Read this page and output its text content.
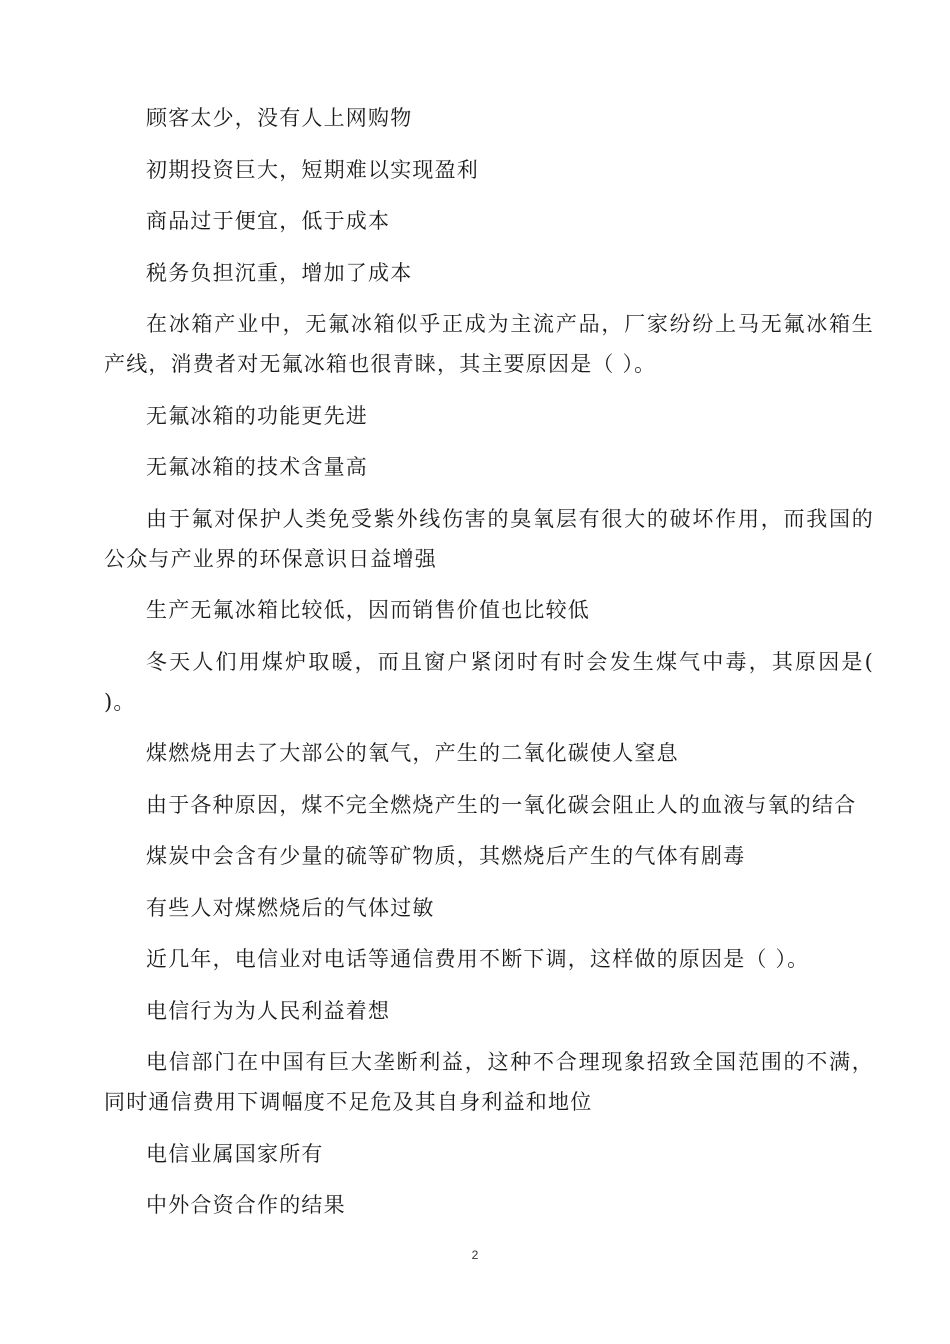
顾客太少，没有人上网购物

初期投资巨大，短期难以实现盈利

商品过于便宜，低于成本

税务负担沉重，增加了成本

在冰箱产业中，无氟冰箱似乎正成为主流产品，厂家纷纷上马无氟冰箱生产线，消费者对无氟冰箱也很青睐，其主要原因是（ ）。

无氟冰箱的功能更先进

无氟冰箱的技术含量高

由于氟对保护人类免受紫外线伤害的臭氧层有很大的破坏作用，而我国的公众与产业界的环保意识日益增强

生产无氟冰箱比较低，因而销售价值也比较低

冬天人们用煤炉取暖，而且窗户紧闭时有时会发生煤气中毒，其原因是( )。

煤燃烧用去了大部公的氧气，产生的二氧化碳使人窒息

由于各种原因，煤不完全燃烧产生的一氧化碳会阻止人的血液与氧的结合

煤炭中会含有少量的硫等矿物质，其燃烧后产生的气体有剧毒

有些人对煤燃烧后的气体过敏

近几年，电信业对电话等通信费用不断下调，这样做的原因是（ ）。

电信行为为人民利益着想

电信部门在中国有巨大垄断利益，这种不合理现象招致全国范围的不满，同时通信费用下调幅度不足危及其自身利益和地位

电信业属国家所有

中外合资合作的结果

2
